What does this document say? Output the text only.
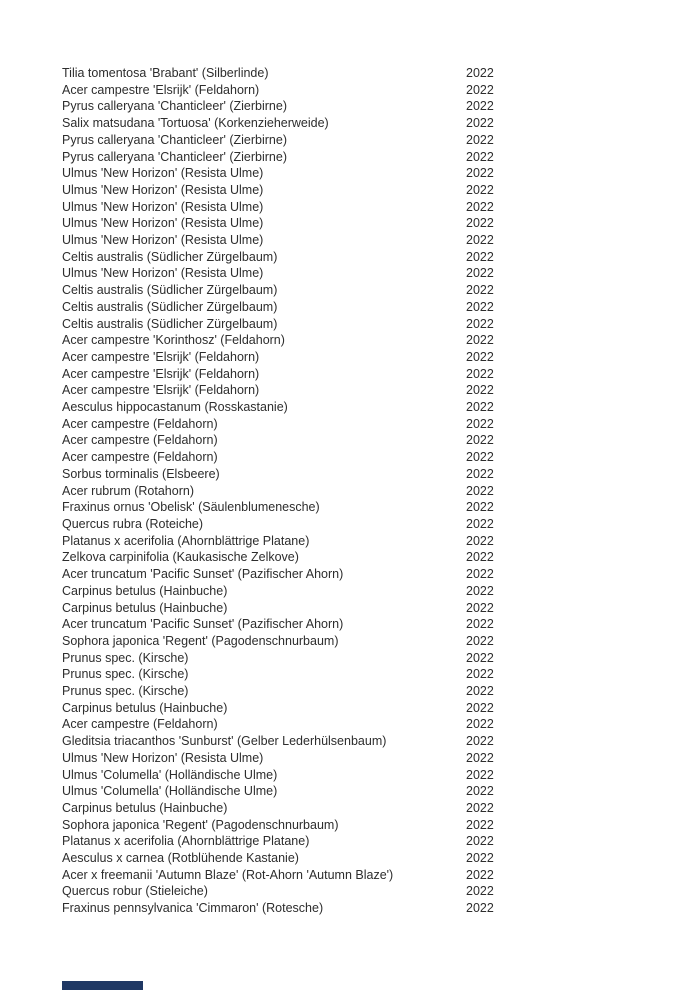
Tilia tomentosa 'Brabant' (Silberlinde)	2022
Acer campestre 'Elsrijk' (Feldahorn)	2022
Pyrus calleryana 'Chanticleer' (Zierbirne)	2022
Salix matsudana 'Tortuosa' (Korkenzieherweide)	2022
Pyrus calleryana 'Chanticleer' (Zierbirne)	2022
Pyrus calleryana 'Chanticleer' (Zierbirne)	2022
Ulmus 'New Horizon' (Resista Ulme)	2022
Ulmus 'New Horizon' (Resista Ulme)	2022
Ulmus 'New Horizon' (Resista Ulme)	2022
Ulmus 'New Horizon' (Resista Ulme)	2022
Ulmus 'New Horizon' (Resista Ulme)	2022
Celtis australis (Südlicher Zürgelbaum)	2022
Ulmus 'New Horizon' (Resista Ulme)	2022
Celtis australis (Südlicher Zürgelbaum)	2022
Celtis australis (Südlicher Zürgelbaum)	2022
Celtis australis (Südlicher Zürgelbaum)	2022
Acer campestre 'Korinthosz' (Feldahorn)	2022
Acer campestre 'Elsrijk' (Feldahorn)	2022
Acer campestre 'Elsrijk' (Feldahorn)	2022
Acer campestre 'Elsrijk' (Feldahorn)	2022
Aesculus hippocastanum (Rosskastanie)	2022
Acer campestre (Feldahorn)	2022
Acer campestre (Feldahorn)	2022
Acer campestre (Feldahorn)	2022
Sorbus torminalis (Elsbeere)	2022
Acer rubrum (Rotahorn)	2022
Fraxinus ornus 'Obelisk' (Säulenblumenesche)	2022
Quercus rubra (Roteiche)	2022
Platanus x acerifolia (Ahornblättrige Platane)	2022
Zelkova carpinifolia (Kaukasische Zelkove)	2022
Acer truncatum 'Pacific Sunset' (Pazifischer Ahorn)	2022
Carpinus betulus (Hainbuche)	2022
Carpinus betulus (Hainbuche)	2022
Acer truncatum 'Pacific Sunset' (Pazifischer Ahorn)	2022
Sophora japonica 'Regent' (Pagodenschnurbaum)	2022
Prunus spec. (Kirsche)	2022
Prunus spec. (Kirsche)	2022
Prunus spec. (Kirsche)	2022
Carpinus betulus (Hainbuche)	2022
Acer campestre (Feldahorn)	2022
Gleditsia triacanthos 'Sunburst' (Gelber Lederhülsenbaum)	2022
Ulmus 'New Horizon' (Resista Ulme)	2022
Ulmus 'Columella' (Holländische Ulme)	2022
Ulmus 'Columella' (Holländische Ulme)	2022
Carpinus betulus (Hainbuche)	2022
Sophora japonica 'Regent' (Pagodenschnurbaum)	2022
Platanus x acerifolia (Ahornblättrige Platane)	2022
Aesculus x carnea (Rotblühende Kastanie)	2022
Acer x freemanii 'Autumn Blaze' (Rot-Ahorn 'Autumn Blaze')	2022
Quercus robur (Stieleiche)	2022
Fraxinus pennsylvanica 'Cimmaron' (Rotesche)	2022
